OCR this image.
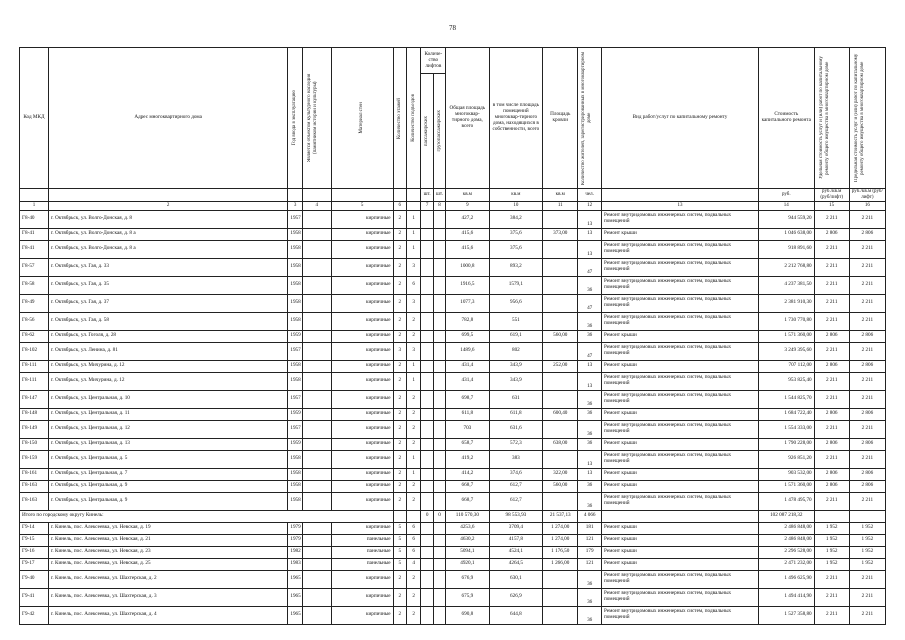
78
Код МКД	Адрес многоквартирного дома	Год ввода в эксплуатацию	Является объектом культурного наследия (памятником истории и культуры)	Материал стен	Количество этажей	Количество подъездов	Количе-ство лифтов		Общая площадь многоквар-тирного дома, всего	в том числе площадь помещений многоквар-тирного дома, находящихся в собственности, всего	Площадь кровли	Количество жителей, зарегистрированных в многоквартирном доме	Вид работ/услуг по капитальному ремонту	Стоимость капитального ремонта	Удельная стоимость услуг и (или) работ по капитальному ремонту общего имущества в многоквартирном доме	Предельная стоимость услуг и (или) работ по капитальному ремонту общего имущества в многоквартирном доме

							пассажирских	грузопассажирских								

							шт.	шт.	кв.м	кв.м	кв.м	чел.		руб.	руб./кв.м (руб/лифт)	руб./кв.м (руб/лифт)
1	2	3	4	5	6		7	8	9	10	11	12	13	14	15	16
Г8-40	г. Октябрьск, ул. Волго-Донская, д. 8	1957		кирпичные	2	1			427,2	384,2		13	Ремонт внутридомовых инженерных систем, подвальных помещений	944 559,20	2 211	2 211
Г8-41	г. Октябрьск, ул. Волго-Донская, д. 8 а	1958		кирпичные	2	1			415,6	375,6	373,00	13	Ремонт крыши	1 046 638,00	2 806	2 806
Г8-41	г. Октябрьск, ул. Волго-Донская, д. 8 а	1958		кирпичные	2	1			415,6	375,6		13	Ремонт внутридомовых инженерных систем, подвальных помещений	918 891,60	2 211	2 211
Г8-57	г. Октябрьск, ул. Гая, д. 33	1958		кирпичные	2	3			1000,8	893,2		47	Ремонт внутридомовых инженерных систем, подвальных помещений	2 212 768,80	2 211	2 211
Г8-58	г. Октябрьск, ул. Гая, д. 35	1958		кирпичные	2	6			1916,5	1579,1		36	Ремонт внутридомовых инженерных систем, подвальных помещений	4 237 381,50	2 211	2 211
Г8-49	г. Октябрьск, ул. Гая, д. 37	1958		кирпичные	2	3			1077,3	956,6		47	Ремонт внутридомовых инженерных систем, подвальных помещений	2 381 910,30	2 211	2 211
Г8-56	г. Октябрьск, ул. Гая, д. 58	1958		кирпичные	2	2			782,8	551		36	Ремонт внутридомовых инженерных систем, подвальных помещений	1 730 770,80	2 211	2 211
Г8-62	г. Октябрьск, ул. Гоголя, д. 28	1959		кирпичные	2	2			699,5	619,1	560,00	36	Ремонт крыши	1 571 360,00	2 806	2 806
Г8-102	г. Октябрьск, ул. Ленина, д. 81	1957		кирпичные	3	3			1489,6	802		47	Ремонт внутридомовых инженерных систем, подвальных помещений	3 249 395,60	2 211	2 211
Г8-111	г. Октябрьск, ул. Мичурина, д. 12	1958		кирпичные	2	1			431,4	343,9	252,00	13	Ремонт крыши	707 112,00	2 806	2 806
Г8-111	г. Октябрьск, ул. Мичурина, д. 12	1958		кирпичные	2	1			431,4	343,9		13	Ремонт внутридомовых инженерных систем, подвальных помещений	953 825,40	2 211	2 211
Г8-147	г. Октябрьск, ул. Центральная, д. 10	1957		кирпичные	2	2			698,7	631		36	Ремонт внутридомовых инженерных систем, подвальных помещений	1 544 825,70	2 211	2 211
Г8-148	г. Октябрьск, ул. Центральная, д. 11	1959		кирпичные	2	2			611,8	611,8	600,40	36	Ремонт крыши	1 684 722,40	2 806	2 806
Г8-149	г. Октябрьск, ул. Центральная, д. 12	1957		кирпичные	2	2			703	631,6		36	Ремонт внутридомовых инженерных систем, подвальных помещений	1 554 333,00	2 211	2 211
Г8-150	г. Октябрьск, ул. Центральная, д. 13	1959		кирпичные	2	2			658,7	572,3	638,00	36	Ремонт крыши	1 790 228,00	2 806	2 806
Г8-159	г. Октябрьск, ул. Центральная, д. 5	1958		кирпичные	2	1			419,2	383		13	Ремонт внутридомовых инженерных систем, подвальных помещений	926 851,20	2 211	2 211
Г8-161	г. Октябрьск, ул. Центральная, д. 7	1958		кирпичные	2	1			414,2	374,6	322,00	13	Ремонт крыши	903 532,00	2 806	2 806
Г8-163	г. Октябрьск, ул. Центральная, д. 9	1958		кирпичные	2	2			668,7	612,7	560,00	36	Ремонт крыши	1 571 360,00	2 806	2 806
Г8-163	г. Октябрьск, ул. Центральная, д. 9	1958		кирпичные	2	2			668,7	612,7		36	Ремонт внутридомовых инженерных систем, подвальных помещений	1 478 495,70	2 211	2 211
Итого по городскому округу Кинель:							0	0	110 570,30	98 553,93	21 537,13	4 066		102 087 218,32		
Г9-14	г. Кинель, пос. Алексеевка, ул. Невская, д. 19	1979		кирпичные	5	6			4253,6	3709,4	1 274,00	181	Ремонт крыши	2 486 848,00	1 952	1 952
Г9-15	г. Кинель, пос. Алексеевка, ул. Невская, д. 21	1979		панельные	5	6			4630,2	4157,8	1 274,00	121	Ремонт крыши	2 486 848,00	1 952	1 952
Г9-16	г. Кинель, пос. Алексеевка, ул. Невская, д. 23	1982		панельные	5	6			5094,1	4524,1	1 176,50	179	Ремонт крыши	2 296 528,00	1 952	1 952
Г9-17	г. Кинель, пос. Алексеевка, ул. Невская, д. 25	1983		панельные	5	4			4920,1	4264,5	1 266,00	121	Ремонт крыши	2 471 232,00	1 952	1 952
Г9-40	г. Кинель, пос. Алексеевка, ул. Шахтерская, д. 2	1965		кирпичные	2	2			676,9	630,1		36	Ремонт внутридомовых инженерных систем, подвальных помещений	1 496 625,90	2 211	2 211
Г9-41	г. Кинель, пос. Алексеевка, ул. Шахтерская, д. 3	1965		кирпичные	2	2			675,9	626,9		36	Ремонт внутридомовых инженерных систем, подвальных помещений	1 494 414,90	2 211	2 211
Г9-42	г. Кинель, пос. Алексеевка, ул. Шахтерская, д. 4	1965		кирпичные	2	2			690,8	644,8		36	Ремонт внутридомовых инженерных систем, подвальных помещений	1 527 358,80	2 211	2 211
